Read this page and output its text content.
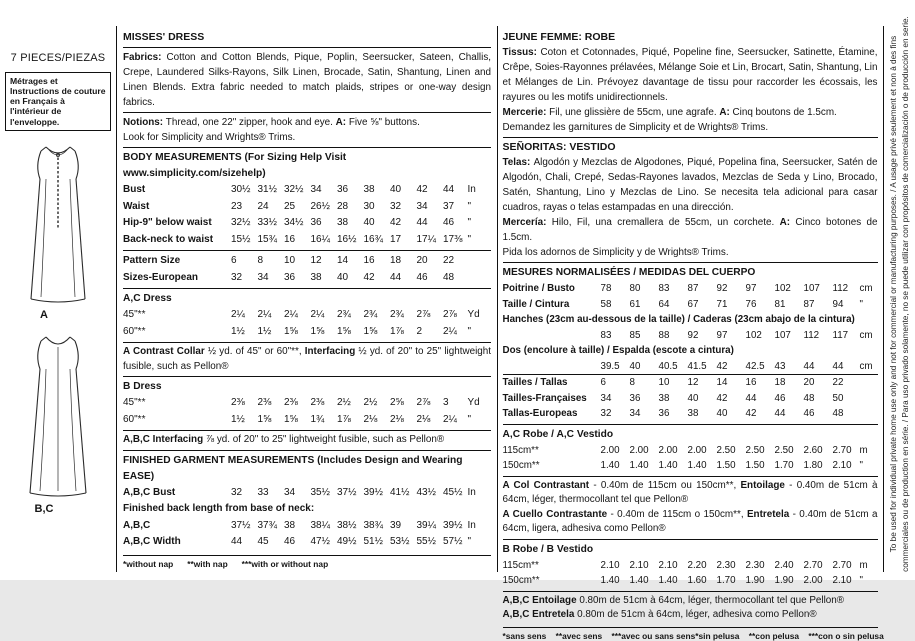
7 PIECES/PIEZAS
Métrages et Instructions de couture en Français à l'intérieur de l'enveloppe.
A
B,C
MISSES' DRESS
Fabrics: Cotton and Cotton Blends, Pique, Poplin, Seersucker, Sateen, Challis, Crepe, Laundered Silks-Rayons, Silk Linen, Brocade, Satin, Shantung, Linen and Linen Blends. Extra fabric needed to match plaids, stripes or one-way design fabrics.
Notions: Thread, one 22" zipper, hook and eye. A: Five ⅝" buttons.
Look for Simplicity and Wrights® Trims.
BODY MEASUREMENTS (For Sizing Help Visit www.simplicity.com/sizehelp)
Bust	30½ 31½ 32½ 34	36	38	40	42	44	In
Waist	23	24	25	26½ 28	30	32	34	37	"
Hip-9" below waist	32½ 33½ 34½ 36	38	40	42	44	46	"
Back-neck to waist	15½ 15¾ 16	16¼ 16½ 16¾ 17	17¼ 17⅜ "
Pattern Size	6	8	10	12	14	16	18	20	22
Sizes-European	32	34	36	38	40	42	44	46	48
A,C Dress
45"**	2¼	2¼	2¼	2¼	2¾	2¾	2¾	2⅞	2⅞	Yd
60"**	1½	1½	1⅝	1⅝	1⅝	1⅝	1⅞	2	2¼	"
A Contrast Collar ½ yd. of 45" or 60"**, Interfacing ½ yd. of 20" to 25" lightweight fusible, such as Pellon®
B Dress
45"**	2⅜	2⅜	2⅜	2⅜	2½	2½	2⅝	2⅞	3	Yd
60"**	1½	1⅝	1⅝	1¾	1⅞	2⅛	2⅛	2⅛	2¼	"
A,B,C Interfacing ⅞ yd. of 20" to 25" lightweight fusible, such as Pellon®
FINISHED GARMENT MEASUREMENTS (Includes Design and Wearing EASE)
A,B,C Bust	32	33	34	35½ 37½ 39½ 41½ 43½ 45½ In
Finished back length from base of neck:
A,B,C	37½ 37¾ 38	38¼ 38½ 38¾ 39	39¼ 39½ In
A,B,C Width	44	45	46	47½ 49½ 51½ 53½ 55½ 57½ "
*without nap      **with nap      ***with or without nap
JEUNE FEMME: ROBE
Tissus: Coton et Cotonnades, Piqué, Popeline fine, Seersucker, Satinette, Étamine, Crêpe, Soies-Rayonnes prélavées, Mélange Soie et Lin, Brocart, Satin, Shantung, Lin et Mélanges de Lin. Prévoyez davantage de tissu pour raccorder les écossais, les rayures ou les motifs unidirectionnels.
Mercerie: Fil, une glissière de 55cm, une agrafe. A: Cinq boutons de 1.5cm.
Demandez les garnitures de Simplicity et de Wrights® Trims.
SEÑORITAS: VESTIDO
Telas: Algodón y Mezclas de Algodones, Piqué, Popelina fina, Seersucker, Satén de Algodón, Chali, Crepé, Sedas-Rayones lavados, Mezclas de Seda y Lino, Brocado, Satén, Shantung, Lino y Mezclas de Lino. Se necesita tela adicional para casar cuadros, rayas o telas estampadas en una dirección.
Mercería: Hilo, Fil, una cremallera de 55cm, un corchete. A: Cinco botones de 1.5cm.
Pida los adornos de Simplicity y de Wrights® Trims.
MESURES NORMALISÉES / MEDIDAS DEL CUERPO
Poitrine / Busto	78	80	83	87	92	97	102	107	112	cm
Taille / Cintura	58	61	64	67	71	76	81	87	94	"
Hanches (23cm au-dessous de la taille) / Caderas (23cm abajo de la cintura)
83	85	88	92	97	102	107	112	117	cm
Dos (encolure à taille) / Espalda (escote a cintura)
39.5	40	40.5	41.5	42	42.5	43	44	44	cm
Tailles / Tallas	6	8	10	12	14	16	18	20	22
Tailles-Françaises	34	36	38	40	42	44	46	48	50
Tallas-Europeas	32	34	36	38	40	42	44	46	48
A,C Robe / A,C Vestido
115cm**	2.00	2.00	2.00	2.00	2.50	2.50	2.50	2.60	2.70 m
150cm**	1.40	1.40	1.40	1.40	1.50	1.50	1.70	1.80	2.10 "
A Col Contrastant - 0.40m de 115cm ou 150cm**, Entoilage - 0.40m de 51cm à 64cm, léger, thermocollant tel que Pellon®
A Cuello Contrastante - 0.40m de 115cm o 150cm**, Entretela - 0.40m de 51cm a 64cm, ligera, adhesiva como Pellon®
B Robe / B Vestido
115cm**	2.10	2.10	2.10	2.20	2.30	2.30	2.40	2.70	2.70 m
150cm**	1.40	1.40	1.40	1.60	1.70	1.90	1.90	2.00	2.10 "
A,B,C Entoilage 0.80m de 51cm à 64cm, léger, thermocollant tel que Pellon®
A,B,C Entretela 0.80m de 51cm à 64cm, léger, adhesiva como Pellon®
*sans sens    **avec sens    ***avec ou sans sens *sin pelusa    **con pelusa    ***con o sin pelusa
To be used for individual private home use only and not for commercial or manufacturing purposes. / A usage privé seulement et non à des fins commerciales ou de production en série. / Para uso privado solamente, no se puede utilizar con propósitos de comercialización o de producción en serie.
